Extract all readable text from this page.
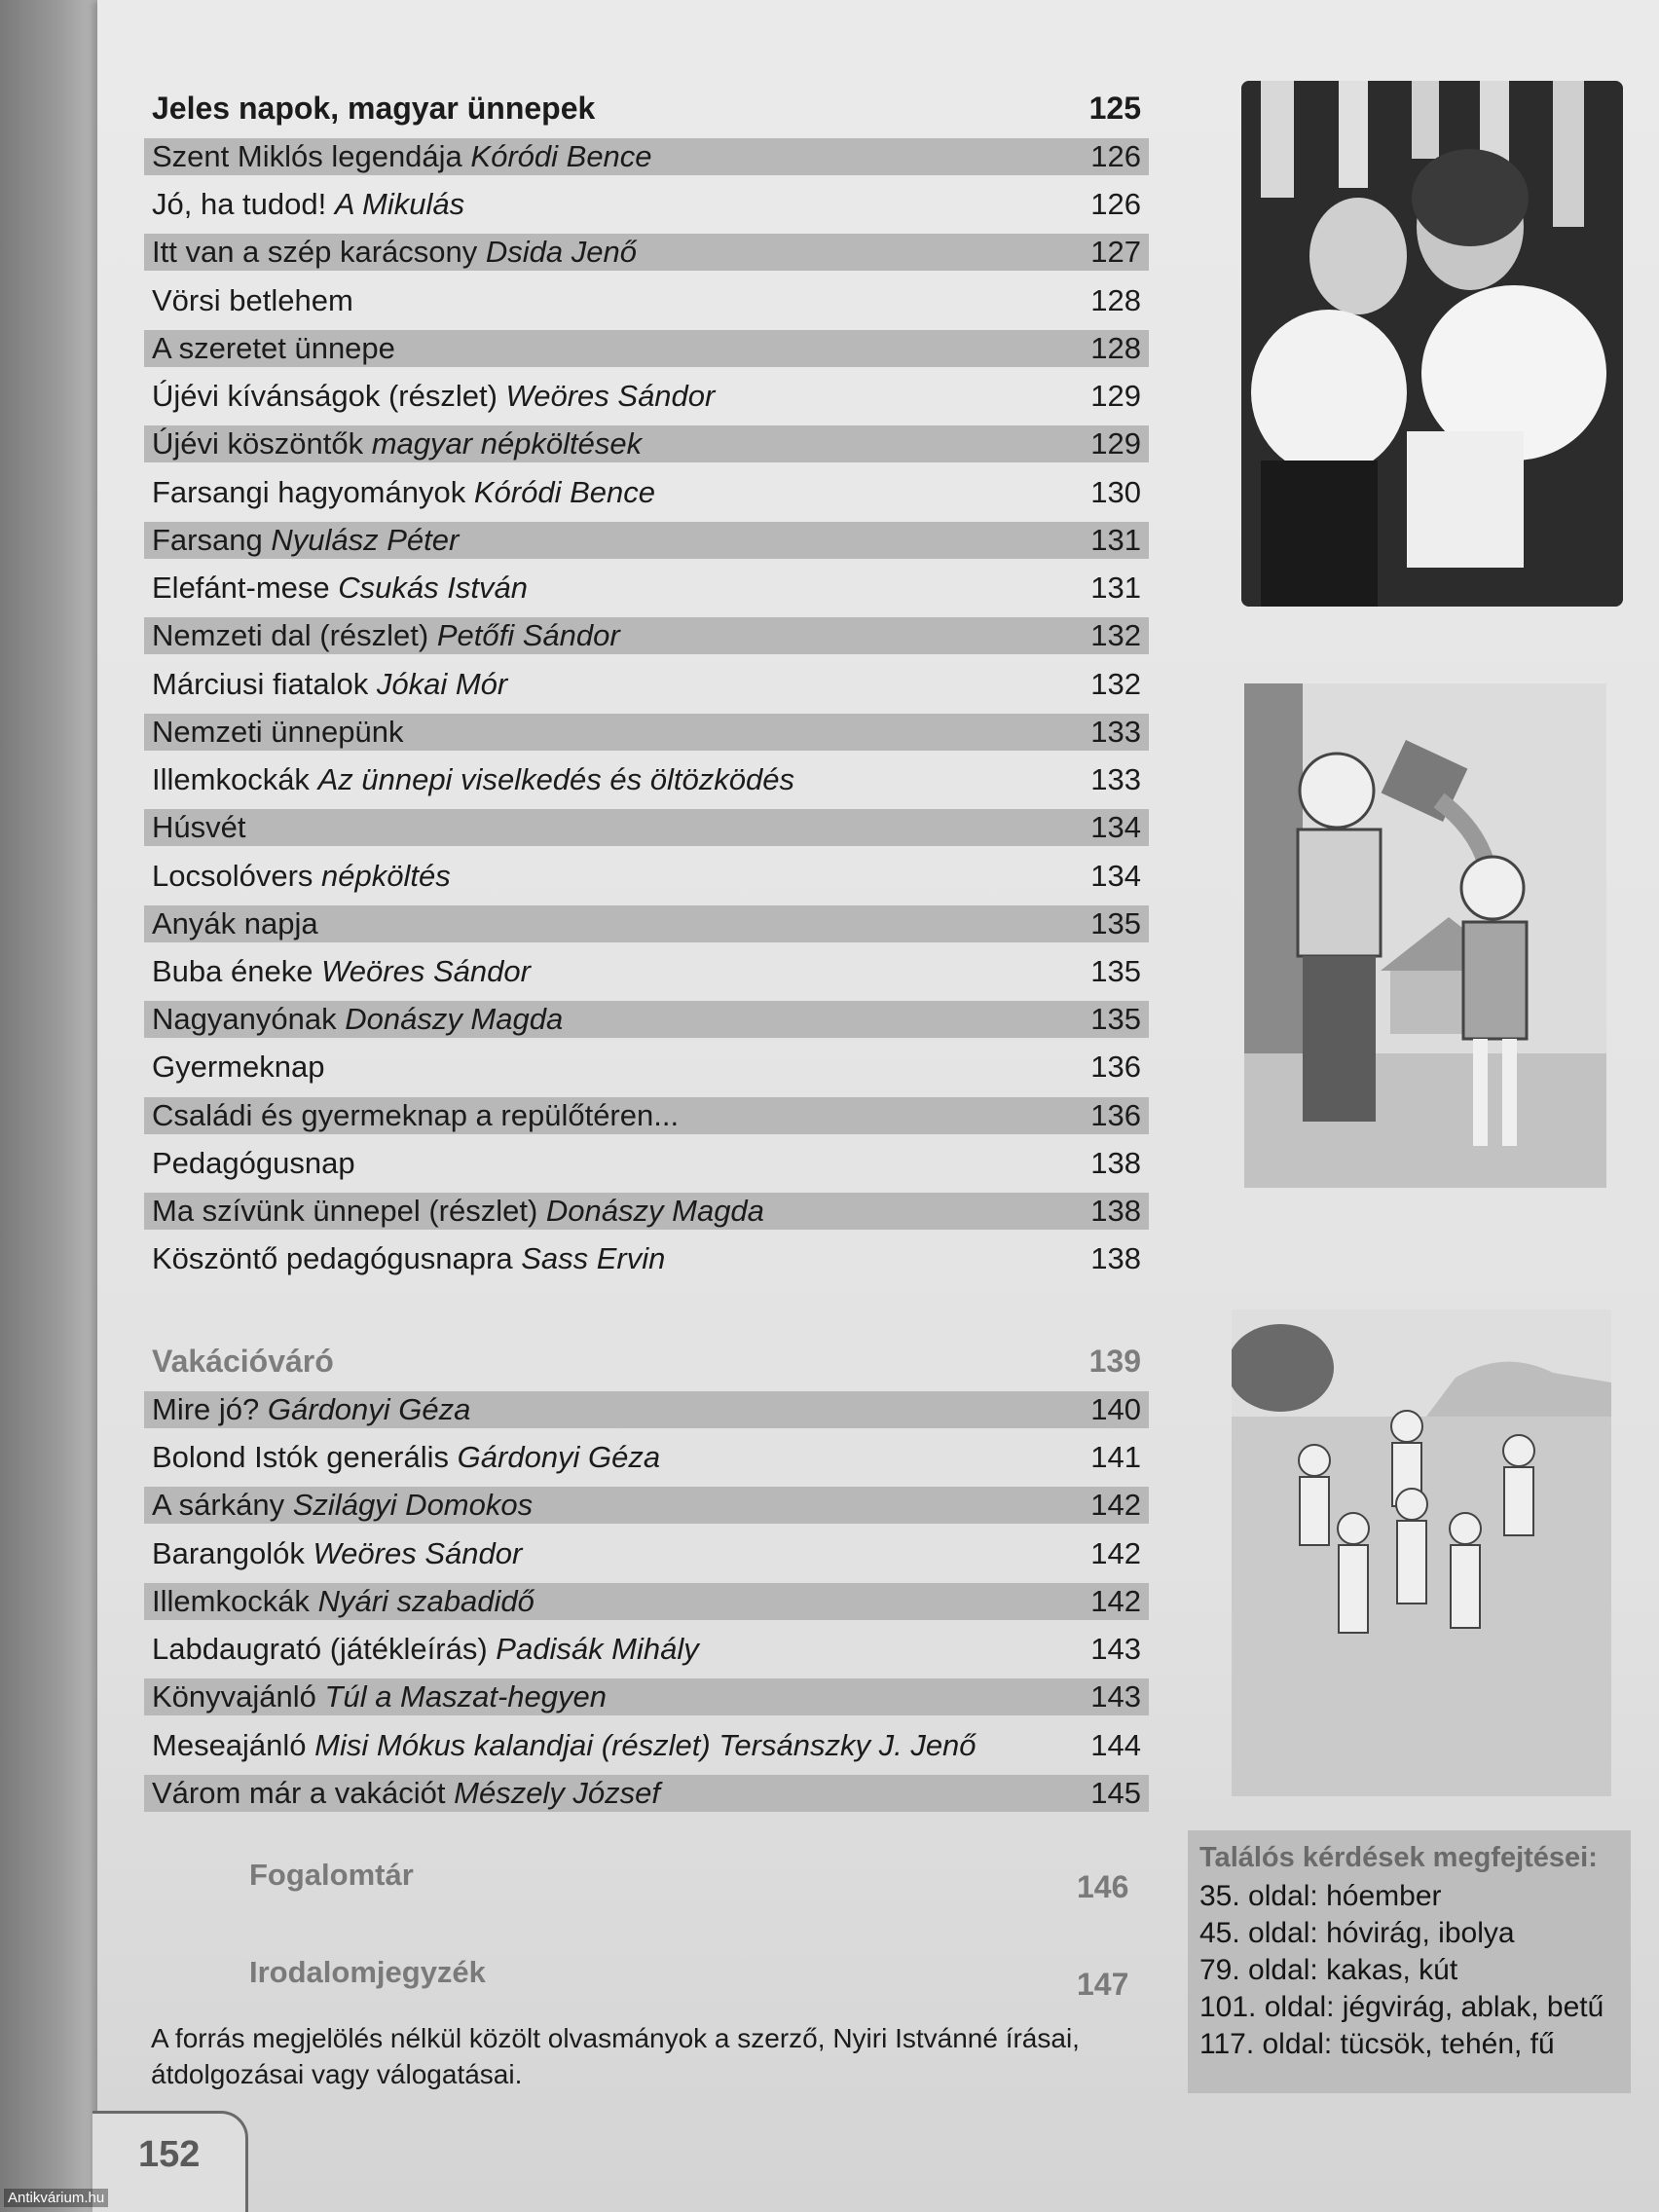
Jeles napok, magyar ünnepek	125
Szent Miklós legendája Kóródi Bence	126
Jó, ha tudod! A Mikulás	126
Itt van a szép karácsony Dsida Jenő	127
Vörsi betlehem	128
A szeretet ünnepe	128
Újévi kívánságok (részlet) Weöres Sándor	129
Újévi köszöntők magyar népköltések	129
Farsangi hagyományok Kóródi Bence	130
Farsang Nyulász Péter	131
Elefánt-mese Csukás István	131
Nemzeti dal (részlet) Petőfi Sándor	132
Márciusi fiatalok Jókai Mór	132
Nemzeti ünnepünk	133
Illemkockák Az ünnepi viselkedés és öltözködés	133
Húsvét	134
Locsolóvers népköltés	134
Anyák napja	135
Buba éneke Weöres Sándor	135
Nagyanyónak Donászy Magda	135
Gyermeknap	136
Családi és gyermeknap a repülőtéren...	136
Pedagógusnap	138
Ma szívünk ünnepel (részlet) Donászy Magda	138
Köszöntő pedagógusnapra Sass Ervin	138
Vakációváró	139
Mire jó? Gárdonyi Géza	140
Bolond Istók generális Gárdonyi Géza	141
A sárkány Szilágyi Domokos	142
Barangolók Weöres Sándor	142
Illemkockák Nyári szabadidő	142
Labdaugrató (játékleírás) Padisák Mihály	143
Könyvajánló Túl a Maszat-hegyen	143
Meseajánló Misi Mókus kalandjai (részlet) Tersánszky J. Jenő	144
Várom már a vakációt Mészely József	145
Fogalomtár	146
Irodalomjegyzék	147
A forrás megjelölés nélkül közölt olvasmányok a szerző, Nyiri Istvánné írásai, átdolgozásai vagy válogatásai.
Találós kérdések megfejtései:
35. oldal: hóember
45. oldal: hóvirág, ibolya
79. oldal: kakas, kút
101. oldal: jégvirág, ablak, betű
117. oldal: tücsök, tehén, fű
152
Antikvárium.hu
